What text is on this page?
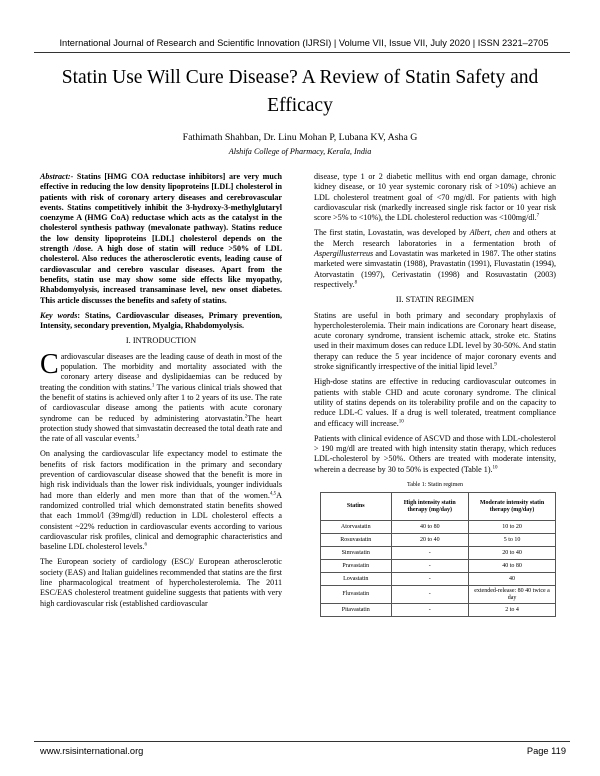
International Journal of Research and Scientific Innovation (IJRSI) | Volume VII, Issue VII, July 2020 | ISSN 2321–2705
Statin Use Will Cure Disease? A Review of Statin Safety and Efficacy
Fathimath Shahban, Dr. Linu Mohan P, Lubana KV, Asha G
Alshifa College of Pharmacy, Kerala, India

Abstract:- Statins [HMG COA reductase inhibitors] are very much effective in reducing the low density lipoproteins [LDL] cholesterol in patients with risk of coronary artery diseases and cerebrovascular events. Statins competitively inhibit the 3-hydroxy-3-methylglutaryl coenzyme A (HMG CoA) reductase which acts as the catalyst in the cholesterol synthesis pathway (mevalonate pathway). Statins reduce the low density lipoproteins [LDL] cholesterol depends on the strength /dose. A high dose of statin will reduce >50% of LDL cholesterol. Also reduces the atherosclerotic events, leading cause of cardiovascular and cerebro vascular diseases. Apart from the benefits, statin use may show some side effects like myopathy, Rhabdomyolysis, increased transaminase level, new onset diabetes. This article discusses the benefits and safety of statins.

Key words: Statins, Cardiovascular diseases, Primary prevention, Intensity, secondary prevention, Myalgia, Rhabdomyolysis.

I. INTRODUCTION

Cardiovascular diseases are the leading cause of death in most of the population. The morbidity and mortality associated with the coronary artery disease and dyslipidaemias can be reduced by treating the condition with statins.$^1$ The various clinical trials showed that the benefit of statins is achieved only after 1 to 2 years of its use. The rate of cardiovascular disease among the patients with acute coronary syndrome can be reduced by administering atorvastatin.$^2$The heart protection study showed that simvastatin decreased the total death rate and the rate of all vascular events.$^3$

On analysing the cardiovascular life expectancy model to estimate the benefits of risk factors modification in the primary and secondary prevention of cardiovascular disease showed that the benefit is more in high risk individuals than the lower risk individuals, younger individuals had more than elderly and men more than that of the women.$^{4,5}$A randomized controlled trial which demonstrated statin benefits showed that each 1mmol/l (39mg/dl) reduction in LDL cholesterol effects a consistent ~22% reduction in cardiovascular events according to various cardiovascular risk profiles, clinical and demographic characteristics and baseline LDL cholesterol levels.$^6$

The European society of cardiology (ESC)/ European atherosclerotic society (EAS) and Italian guidelines recommended that statins are the first line pharmacological treatment of hypercholesterolemia. The 2011 ESC/EAS cholesterol treatment guideline suggests that patients with very high cardiovascular risk (established cardiovascular

disease, type 1 or 2 diabetic mellitus with end organ damage, chronic kidney disease, or 10 year systemic coronary risk of >10%) achieve an LDL cholesterol treatment goal of <70 mg/dl. For patients with high cardiovascular risk (markedly increased single risk factor or 10 year risk score >5% to <10%), the LDL cholesterol reduction was <100mg/dl.$^7$

The first statin, Lovastatin, was developed by Albert, chen and others at the Merch research laboratories in a fermentation broth of Aspergillusterreus and Lovastatin was marketed in 1987. The other statins marketed were simvastatin (1988), Pravastatin (1991), Fluvastatin (1994), Atorvastatin (1997), Cerivastatin (1998) and Rosuvastatin (2003) respectively.$^8$

II. STATIN REGIMEN

Statins are useful in both primary and secondary prophylaxis of hypercholesterolemia. Their main indications are Coronary heart disease, acute coronary syndrome, transient ischemic attack, stroke etc. Statins used in their maximum doses can reduce LDL level by 30-50%. And statin therapy can reduce the 5 year incidence of major coronary events and stroke significantly irrespective of the initial lipid level.$^9$

High-dose statins are effective in reducing cardiovascular outcomes in patients with stable CHD and acute coronary syndrome. The clinical utility of statins depends on its tolerability profile and on the capacity to reduce LDL-C values. If a drug is well tolerated, treatment compliance and efficacy will increase.$^{10}$

Patients with clinical evidence of ASCVD and those with LDL-cholesterol > 190 mg/dl are treated with high intensity statin therapy, which reduces LDL-cholesterol by >50%. Others are treated with moderate intensity, wherein a decrease by 30 to 50% is expected (Table 1).$^{10}$

Table 1: Statin regimen
Statins	High intensity statin therapy (mg/day)	Moderate intensity statin therapy (mg/day)
Atorvastatin	40 to 80	10 to 20
Rosuvastatin	20 to 40	5 to 10
Simvastatin	-	20 to 40
Pravastatin	-	40 to 80
Lovastatin	-	40
Fluvastatin	-	extended-release: 80 40 twice a day
Pitavastatin	-	2 to 4
www.rsisinternational.org	Page 119
